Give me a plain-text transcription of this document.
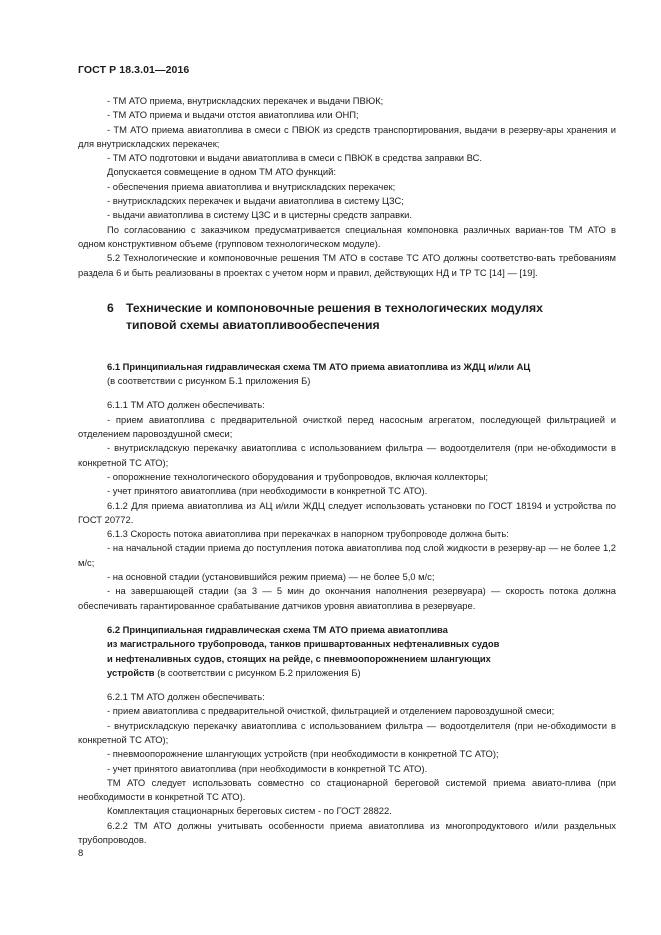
ГОСТ Р 18.3.01—2016

- ТМ АТО приема, внутрискладских перекачек и выдачи ПВЮК;

- ТМ АТО приема и выдачи отстоя авиатоплива или ОНП;

- ТМ АТО приема авиатоплива в смеси с ПВЮК из средств транспортирования, выдачи в резерву-ары хранения и для внутрискладских перекачек;

- ТМ АТО подготовки и выдачи авиатоплива в смеси с ПВЮК в средства заправки ВС.

Допускается совмещение в одном ТМ АТО функций:

- обеспечения приема авиатоплива и внутрискладских перекачек;

- внутрискладских перекачек и выдачи авиатоплива в систему ЦЗС;

- выдачи авиатоплива в систему ЦЗС и в цистерны средств заправки.

По согласованию с заказчиком предусматривается специальная компоновка различных вариан-тов ТМ АТО в одном конструктивном объеме (групповом технологическом модуле).

5.2 Технологические и компоновочные решения ТМ АТО в составе ТС АТО должны соответство-вать требованиям раздела 6 и быть реализованы в проектах с учетом норм и правил, действующих НД и ТР ТС [14] — [19].

6 Технические и компоновочные решения в технологических модулях
типовой схемы авиатопливообеспечения
6.1 Принципиальная гидравлическая схема ТМ АТО приема авиатоплива из ЖДЦ и/или АЦ
(в соответствии с рисунком Б.1 приложения Б)

6.1.1 ТМ АТО должен обеспечивать:

- прием авиатоплива с предварительной очисткой перед насосным агрегатом, последующей фильтрацией и отделением паровоздушной смеси;

- внутрискладскую перекачку авиатоплива с использованием фильтра — водоотделителя (при не-обходимости в конкретной ТС АТО);

- опорожнение технологического оборудования и трубопроводов, включая коллекторы;

- учет принятого авиатоплива (при необходимости в конкретной ТС АТО).

6.1.2 Для приема авиатоплива из АЦ и/или ЖДЦ следует использовать установки по ГОСТ 18194 и устройства по ГОСТ 20772.

6.1.3 Скорость потока авиатоплива при перекачках в напорном трубопроводе должна быть:

- на начальной стадии приема до поступления потока авиатоплива под слой жидкости в резерву-ар — не более 1,2 м/с;

- на основной стадии (установившийся режим приема) — не более 5,0 м/с;

- на завершающей стадии (за 3 — 5 мин до окончания наполнения резервуара) — скорость потока должна обеспечивать гарантированное срабатывание датчиков уровня авиатоплива в резервуаре.

6.2 Принципиальная гидравлическая схема ТМ АТО приема авиатоплива
из магистрального трубопровода, танков пришвартованных нефтеналивных судов
и нефтеналивных судов, стоящих на рейде, с пневмоопорожнением шлангующих
устройств (в соответствии с рисунком Б.2 приложения Б)

6.2.1 ТМ АТО должен обеспечивать:

- прием авиатоплива с предварительной очисткой, фильтрацией и отделением паровоздушной смеси;

- внутрискладскую перекачку авиатоплива с использованием фильтра — водоотделителя (при не-обходимости в конкретной ТС АТО);

- пневмоопорожнение шлангующих устройств (при необходимости в конкретной ТС АТО);

- учет принятого авиатоплива (при необходимости в конкретной ТС АТО).

ТМ АТО следует использовать совместно со стационарной береговой системой приема авиато-плива (при необходимости в конкретной ТС АТО).

Комплектация стационарных береговых систем - по ГОСТ 28822.

6.2.2 ТМ АТО должны учитывать особенности приема авиатоплива из многопродуктового и/или раздельных трубопроводов.

8
